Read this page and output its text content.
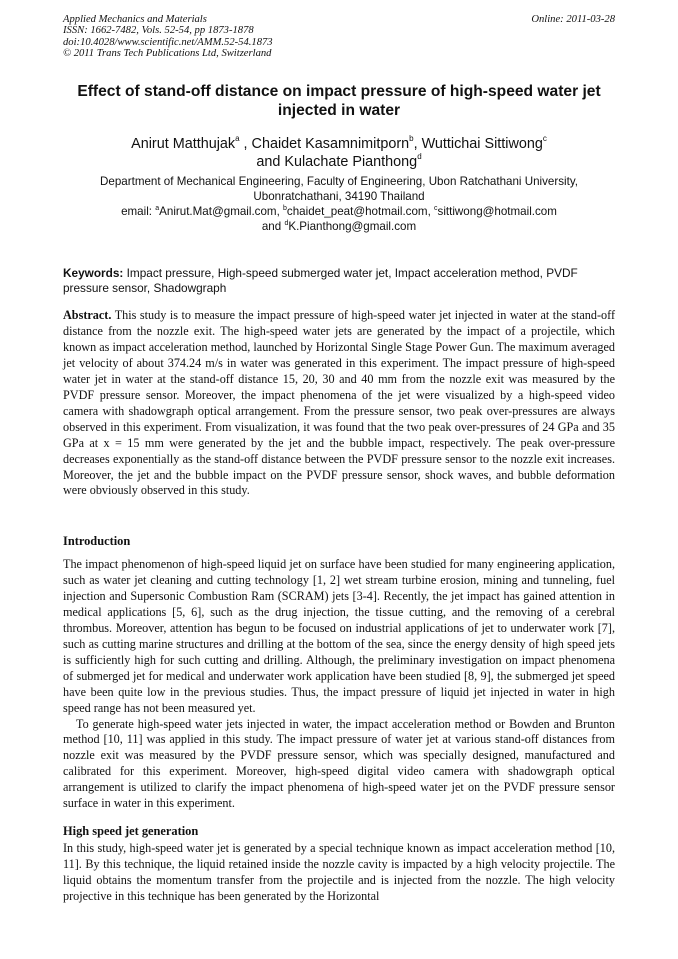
Applied Mechanics and Materials
ISSN: 1662-7482, Vols. 52-54, pp 1873-1878
doi:10.4028/www.scientific.net/AMM.52-54.1873
© 2011 Trans Tech Publications Ltd, Switzerland
Online: 2011-03-28
Effect of stand-off distance on impact pressure of high-speed water jet injected in water
Anirut Matthujak$^a$ , Chaidet Kasamnimitporn$^b$, Wuttichai Sittiwong$^c$
and Kulachate Pianthong$^d$
Department of Mechanical Engineering, Faculty of Engineering, Ubon Ratchathani University, Ubonratchathani, 34190 Thailand
email: $^a$Anirut.Mat@gmail.com, $^b$chaidet_peat@hotmail.com, $^c$sittiwong@hotmail.com
and $^d$K.Pianthong@gmail.com
Keywords: Impact pressure, High-speed submerged water jet, Impact acceleration method, PVDF pressure sensor, Shadowgraph
Abstract. This study is to measure the impact pressure of high-speed water jet injected in water at the stand-off distance from the nozzle exit. The high-speed water jets are generated by the impact of a projectile, which known as impact acceleration method, launched by Horizontal Single Stage Power Gun. The maximum averaged jet velocity of about 374.24 m/s in water was generated in this experiment. The impact pressure of high-speed water jet in water at the stand-off distance 15, 20, 30 and 40 mm from the nozzle exit was measured by the PVDF pressure sensor. Moreover, the impact phenomena of the jet were visualized by a high-speed video camera with shadowgraph optical arrangement. From the pressure sensor, two peak over-pressures are always observed in this experiment. From visualization, it was found that the two peak over-pressures of 24 GPa and 35 GPa at x = 15 mm were generated by the jet and the bubble impact, respectively. The peak over-pressure decreases exponentially as the stand-off distance between the PVDF pressure sensor to the nozzle exit increases. Moreover, the jet and the bubble impact on the PVDF pressure sensor, shock waves, and bubble deformation were obviously observed in this study.
Introduction

The impact phenomenon of high-speed liquid jet on surface have been studied for many engineering application, such as water jet cleaning and cutting technology [1, 2] wet stream turbine erosion, mining and tunneling, fuel injection and Supersonic Combustion Ram (SCRAM) jets [3-4]. Recently, the jet impact has gained attention in medical applications [5, 6], such as the drug injection, the tissue cutting, and the removing of a cerebral thrombus. Moreover, attention has begun to be focused on industrial applications of jet to underwater work [7], such as cutting marine structures and drilling at the bottom of the sea, since the energy density of high speed jets is sufficiently high for such cutting and drilling. Although, the preliminary investigation on impact phenomena of submerged jet for medical and underwater work application have been studied [8, 9], the submerged jet speed have been quite low in the previous studies. Thus, the impact pressure of liquid jet injected in water in high speed range has not been measured yet.

To generate high-speed water jets injected in water, the impact acceleration method or Bowden and Brunton method [10, 11] was applied in this study. The impact pressure of water jet at various stand-off distances from nozzle exit was measured by the PVDF pressure sensor, which was specially designed, manufactured and calibrated for this experiment. Moreover, high-speed digital video camera with shadowgraph optical arrangement is utilized to clarify the impact phenomena of high-speed water jet on the PVDF pressure sensor surface in water in this experiment.

High speed jet generation

In this study, high-speed water jet is generated by a special technique known as impact acceleration method [10, 11]. By this technique, the liquid retained inside the nozzle cavity is impacted by a high velocity projectile. The liquid obtains the momentum transfer from the projectile and is injected from the nozzle. The high velocity projective in this technique has been generated by the Horizontal
